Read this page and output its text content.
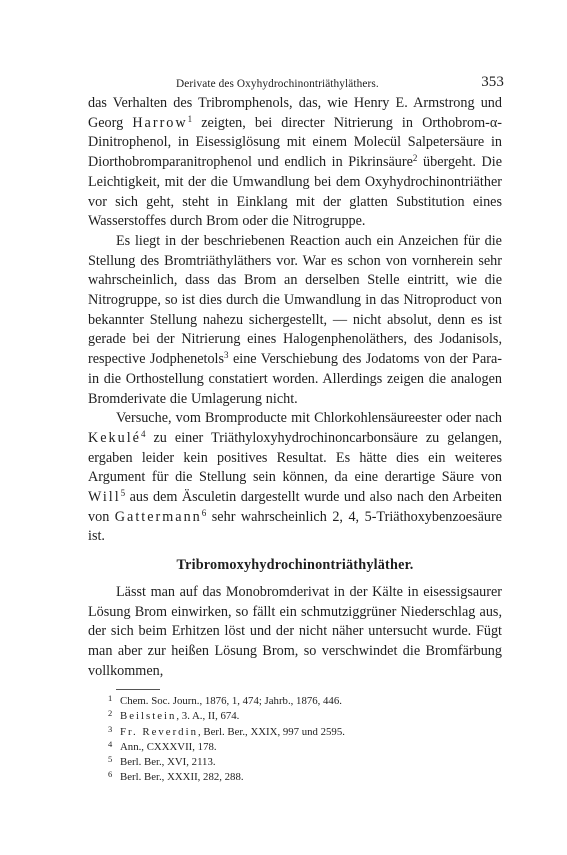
Derivate des Oxyhydrochinontriäthyläthers.	353

das Verhalten des Tribromphenols, das, wie Henry E. Armstrong und Georg Harrow$^1$ zeigten, bei directer Nitrierung in Orthobrom-α-Dinitrophenol, in Eisessiglösung mit einem Molecül Salpetersäure in Diorthobromparanitrophenol und endlich in Pikrinsäure$^2$ übergeht. Die Leichtigkeit, mit der die Umwandlung bei dem Oxyhydrochinontriäther vor sich geht, steht in Einklang mit der glatten Substitution eines Wasserstoffes durch Brom oder die Nitrogruppe.

Es liegt in der beschriebenen Reaction auch ein Anzeichen für die Stellung des Bromtriäthyläthers vor. War es schon von vornherein sehr wahrscheinlich, dass das Brom an derselben Stelle eintritt, wie die Nitrogruppe, so ist dies durch die Umwandlung in das Nitroproduct von bekannter Stellung nahezu sichergestellt, — nicht absolut, denn es ist gerade bei der Nitrierung eines Halogenphenoläthers, des Jodanisols, respective Jodphenetols$^3$ eine Verschiebung des Jodatoms von der Para- in die Orthostellung constatiert worden. Allerdings zeigen die analogen Bromderivate die Umlagerung nicht.

Versuche, vom Bromproducte mit Chlorkohlensäureester oder nach Kekulé$^4$ zu einer Triäthyloxyhydrochinoncarbonsäure zu gelangen, ergaben leider kein positives Resultat. Es hätte dies ein weiteres Argument für die Stellung sein können, da eine derartige Säure von Will$^5$ aus dem Äsculetin dargestellt wurde und also nach den Arbeiten von Gattermann$^6$ sehr wahrscheinlich 2, 4, 5-Triäthoxybenzoesäure ist.

Tribromoxyhydrochinontriäthyläther.

Lässt man auf das Monobromderivat in der Kälte in eisessigsaurer Lösung Brom einwirken, so fällt ein schmutziggrüner Niederschlag aus, der sich beim Erhitzen löst und der nicht näher untersucht wurde. Fügt man aber zur heißen Lösung Brom, so verschwindet die Bromfärbung vollkommen,

1 Chem. Soc. Journ., 1876, 1, 474; Jahrb., 1876, 446.
2 Beilstein, 3. A., II, 674.
3 Fr. Reverdin, Berl. Ber., XXIX, 997 und 2595.
4 Ann., CXXXVII, 178.
5 Berl. Ber., XVI, 2113.
6 Berl. Ber., XXXII, 282, 288.
